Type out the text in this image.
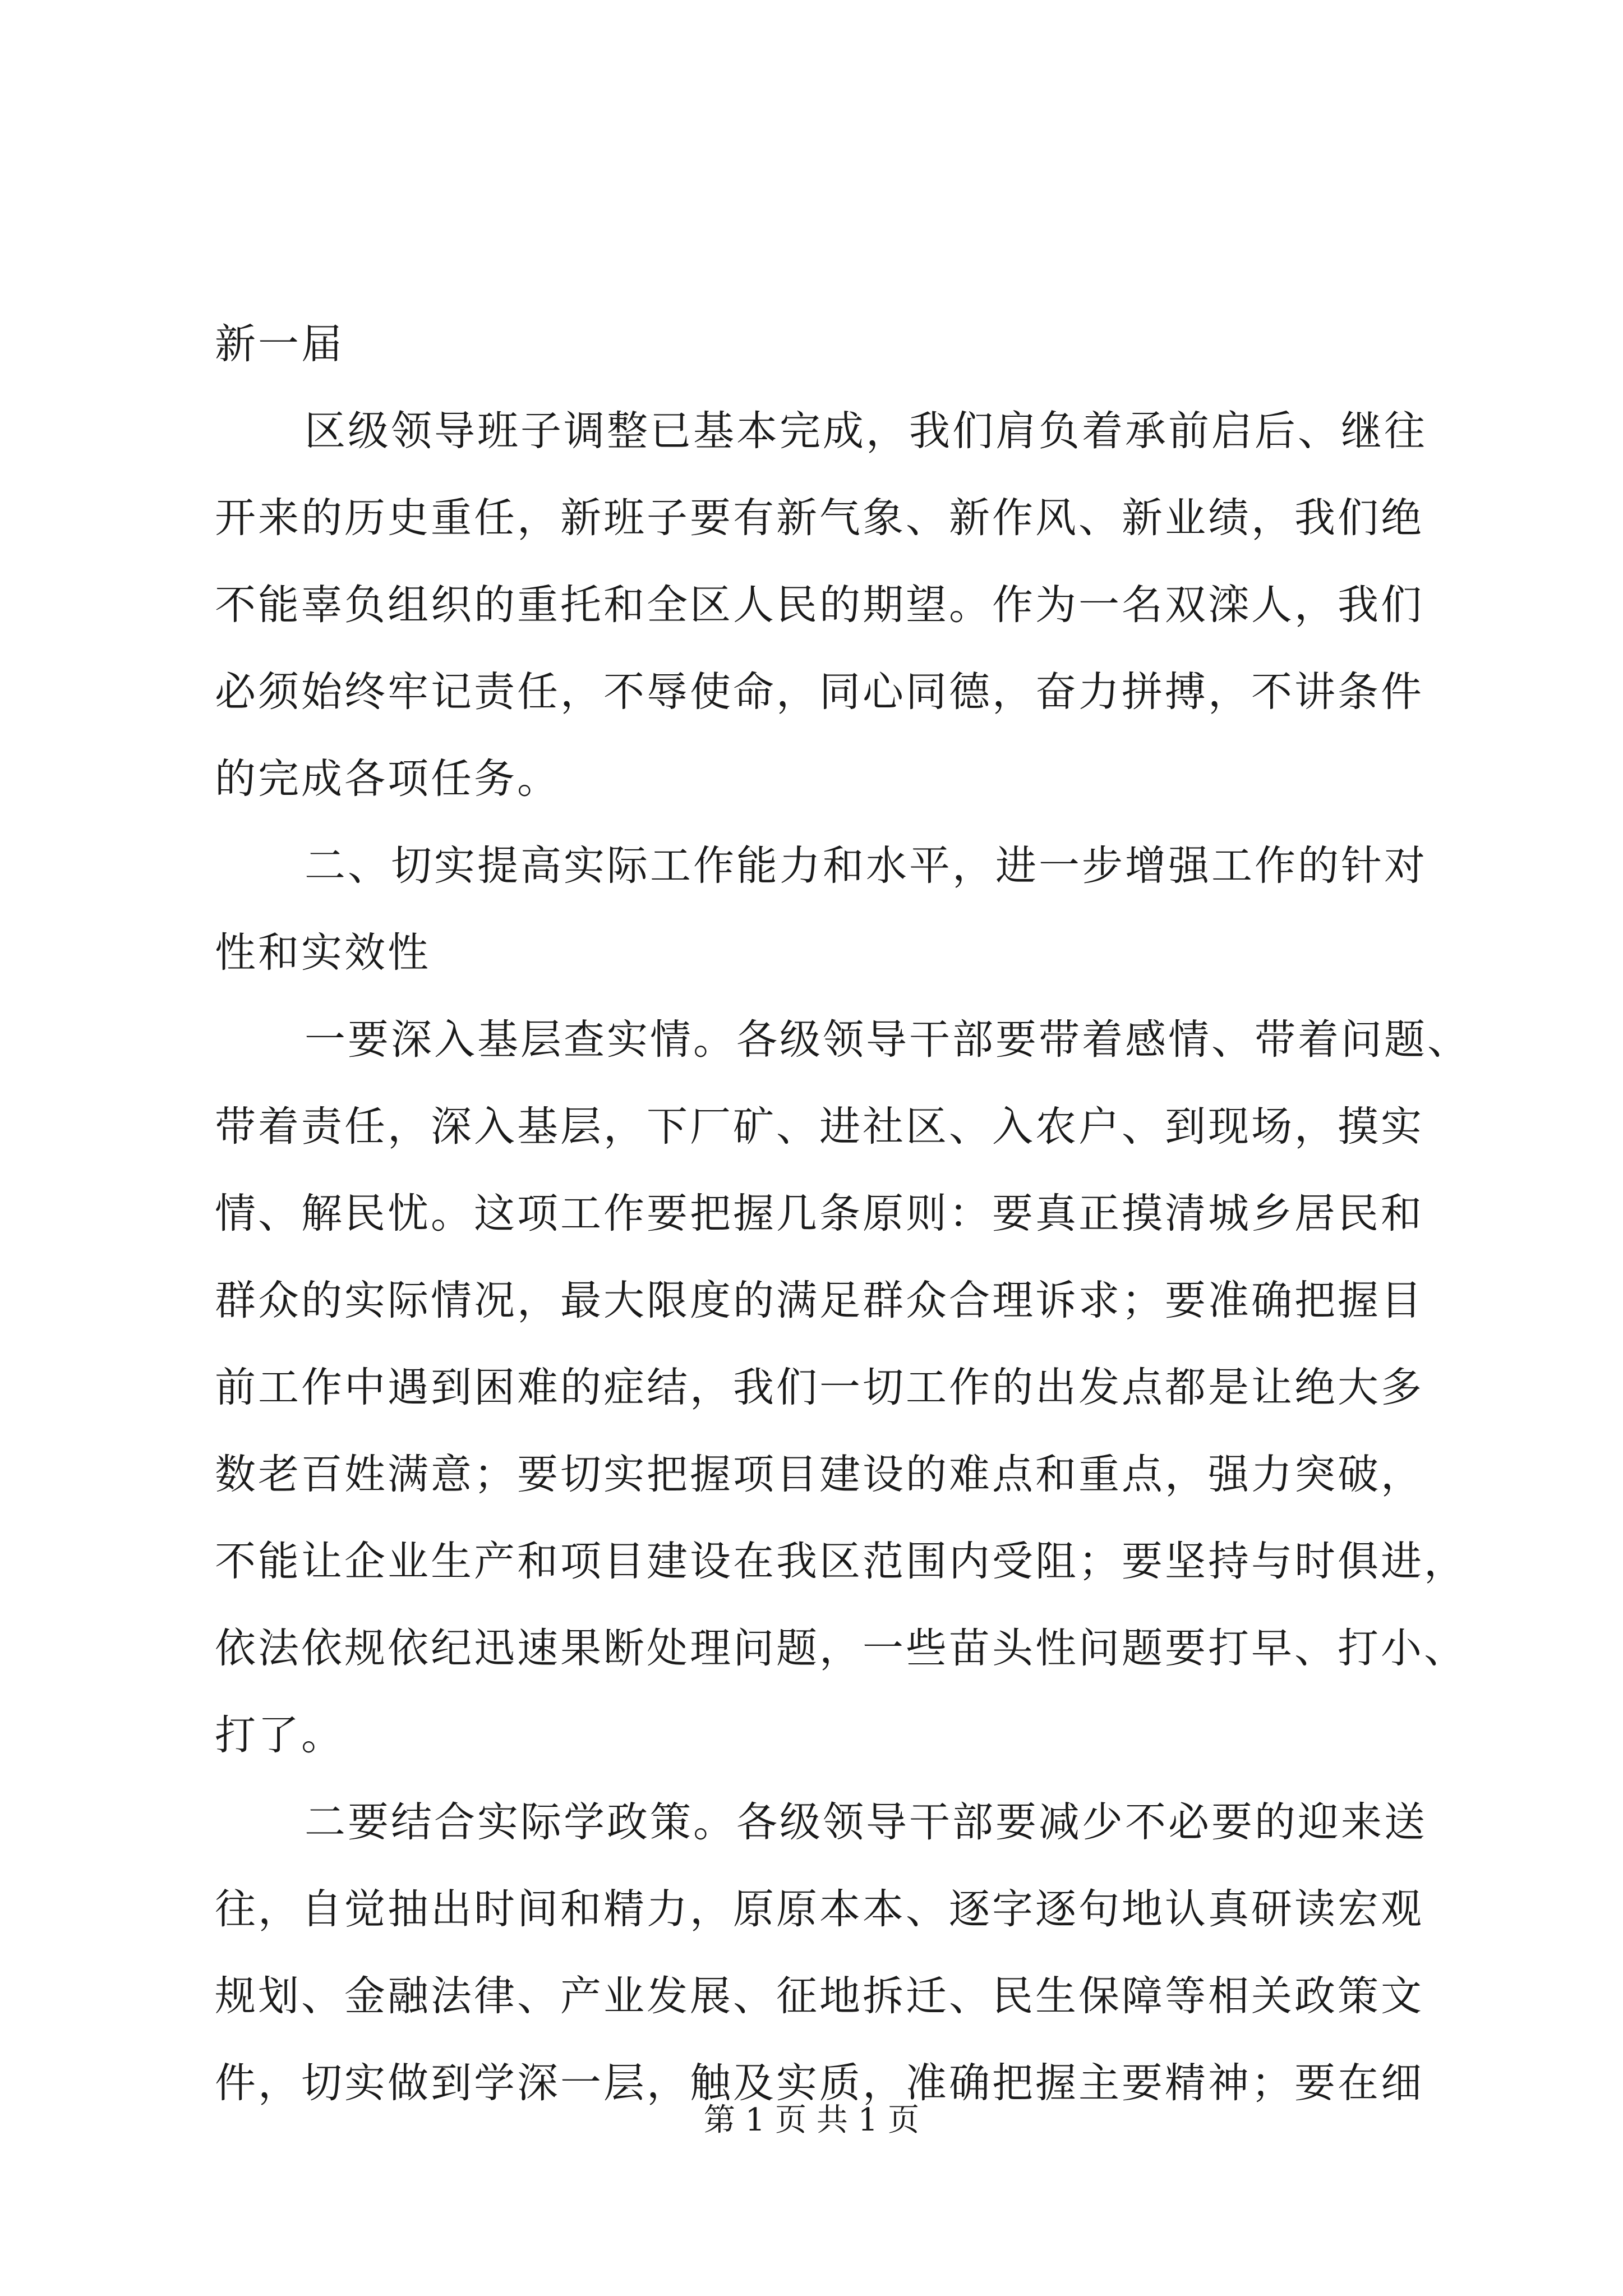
新一届
区级领导班子调整已基本完成，我们肩负着承前启后、继往
开来的历史重任，新班子要有新气象、新作风、新业绩，我们绝
不能辜负组织的重托和全区人民的期望。作为一名双滦人，我们
必须始终牢记责任，不辱使命，同心同德，奋力拼搏，不讲条件
的完成各项任务。
二、切实提高实际工作能力和水平，进一步增强工作的针对
性和实效性
一要深入基层查实情。各级领导干部要带着感情、带着问题、
带着责任，深入基层，下厂矿、进社区、入农户、到现场，摸实
情、解民忧。这项工作要把握几条原则：要真正摸清城乡居民和
群众的实际情况，最大限度的满足群众合理诉求；要准确把握目
前工作中遇到困难的症结，我们一切工作的出发点都是让绝大多
数老百姓满意；要切实把握项目建设的难点和重点，强力突破，
不能让企业生产和项目建设在我区范围内受阻；要坚持与时俱进，
依法依规依纪迅速果断处理问题，一些苗头性问题要打早、打小、
打了。
二要结合实际学政策。各级领导干部要减少不必要的迎来送
往，自觉抽出时间和精力，原原本本、逐字逐句地认真研读宏观
规划、金融法律、产业发展、征地拆迁、民生保障等相关政策文
件，切实做到学深一层，触及实质，准确把握主要精神；要在细
第 1 页 共 1 页
